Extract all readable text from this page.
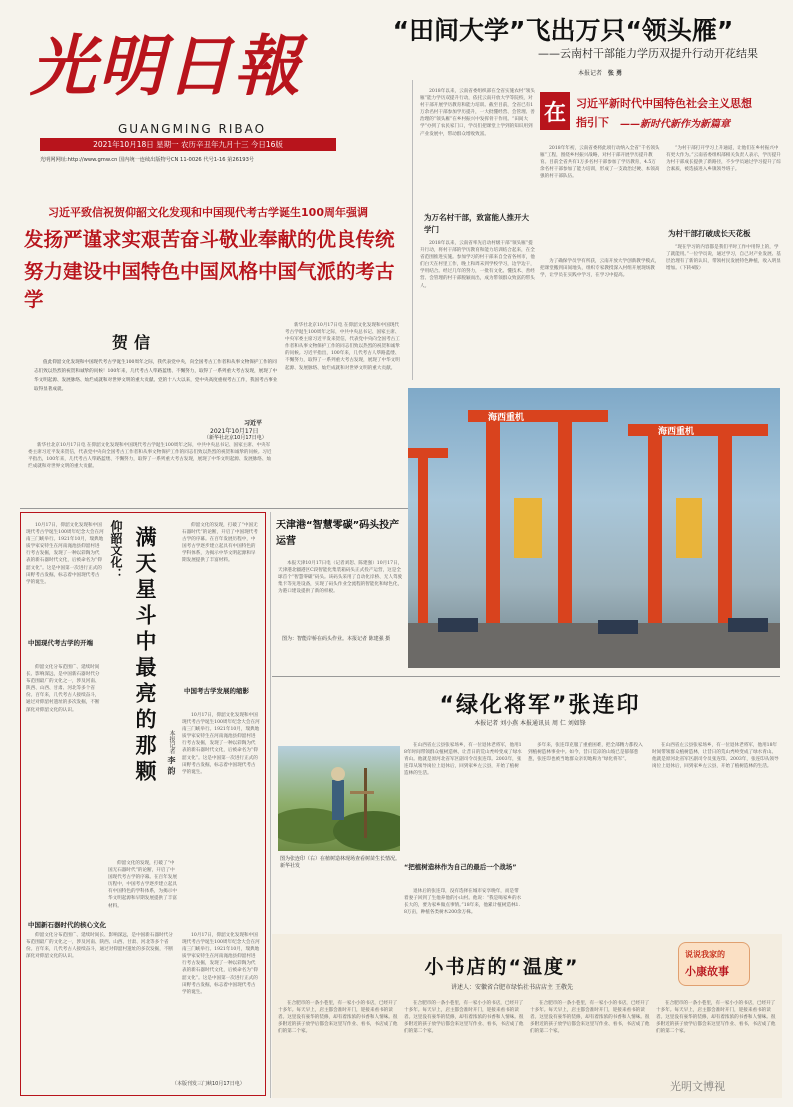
光明日報
GUANGMING RIBAO
2021年10月18日 星期一 农历辛丑年九月十三 今日16版
光明网网址:http://www.gmw.cn 国内统一连续出版物号CN 11-0026 代号1-16 第26193号
“田间大学”飞出万只“领头雁”
——云南村干部能力学历双提升行动开花结果
本报记者 张 勇
2018年以来，云南省委组织部在全省实施农村“领头雁”能力学历双提升行动，依托云南开放大学等院校，对村干部开展学历教育和能力培训。截至目前，全省已有1万余名村干部参加学历提升，一大批懂经营、会管理、善治理的“领头雁”在乡村振兴中发挥骨干作用。“田间大学”办到了农民家门口，学员们把课堂上学到的知识用到产业发展中，带动群众增收致富。
在 习近平新时代中国特色社会主义思想
指引下 ——新时代新作为新篇章
2018年年初，云南省委将此项行动纳入全省“千名领头雁”工程，围绕乡村振兴战略，对村干部开展学历提升教育。目前全省共有1万多名村干部参加了学历教育，4.5万余名村干部参加了能力培训，形成了一支政治过硬、本领高强的村干部队伍。
“为村干部打开学习上升通道，让他们在乡村振兴中有更大作为。”云南省委组织部相关负责人表示，学历提升为村干部成长提供了新路径，不少学员通过学习提升了综合素质，被选拔进入乡镇领导班子。
为村干部打破成长天花板
“现在学习的内容都是我们平时工作中用得上的，学了就能用。”一位学员说，通过学习，自己对产业发展、基层治理有了新的认识，带领村民发展特色种植，收入明显增加。（下转4版）
为万名村干部，致富能人推开大学门
2018年以来，云南省率先启动村级干部“领头雁”提升行动，将村干部的学历教育和能力培训结合起来，在全省范围推进实施。参加学习的村干部来自全省各州市，他们白天在村里工作，晚上和周末到学校学习，边学边干，学用结合。经过几年的努力，一批有文化、懂技术、善经营、会管理的村干部脱颖而出，成为带领群众致富的带头人。
为了确保学员学有所获，云南开放大学创新教学模式，把课堂搬到田间地头，组织专家教授深入村组开展现场教学，让学员在实践中学习，在学习中提高。
习近平致信祝贺仰韶文化发现和中国现代考古学诞生100周年强调
发扬严谨求实艰苦奋斗敬业奉献的优良传统
努力建设中国特色中国风格中国气派的考古学
贺信
值此仰韶文化发现和中国现代考古学诞生100周年之际，我代表党中央，向全国考古工作者和从事文物保护工作的同志们致以热烈的祝贺和诚挚的问候！100年来，几代考古人筚路蓝缕、不懈努力，取得了一系列重大考古发现，展现了中华文明起源、发展脉络、灿烂成就和对世界文明的重大贡献。党的十八大以来，党中央高度重视考古工作，我国考古事业取得显著成就。
习近平
2021年10月17日
（新华社北京10月17日电）
新华社北京10月17日电 在仰韶文化发现和中国现代考古学诞生100周年之际，中共中央总书记、国家主席、中央军委主席习近平发来贺信，代表党中央向全国考古工作者和从事文物保护工作的同志们致以热烈的祝贺和诚挚的问候。习近平指出，100年来，几代考古人筚路蓝缕、不懈努力，取得了一系列重大考古发现，展现了中华文明起源、发展脉络、灿烂成就和对世界文明的重大贡献。
新华社北京10月17日电 在仰韶文化发现和中国现代考古学诞生100周年之际，中共中央总书记、国家主席、中央军委主席习近平发来贺信，代表党中央向全国考古工作者和从事文物保护工作的同志们致以热烈的祝贺和诚挚的问候。习近平指出，100年来，几代考古人筚路蓝缕、不懈努力，取得了一系列重大考古发现，展现了中华文明起源、发展脉络、灿烂成就和对世界文明的重大贡献。
海西重机
海西重机
仰韶文化： 满天星斗中最亮的那颗	本报记者 李 韵
10月17日，仰韶文化发现和中国现代考古学诞生100周年纪念大会在河南三门峡举行。1921年10月，瑞典地质学家安特生在河南渑池县仰韶村进行考古发掘，发现了一种以彩陶为代表的新石器时代文化，后被命名为“仰韶文化”。这是中国第一次进行正式的田野考古发掘，标志着中国现代考古学的诞生。
中国现代考古学的开端
仰韶文化分布范围广、延续时间长、影响深远，是中国新石器时代分布范围最广的文化之一，涉及河南、陕西、山西、甘肃、河北等多个省份。百年来，几代考古人接续奋斗，通过对仰韶村遗址的多次发掘，不断深化对仰韶文化的认识。
仰韶文化的发现，打破了“中国无石器时代”的论断，开启了中国现代考古学的序幕。在百年发展历程中，中国考古学逐步建立起具有中国特色的学科体系，为揭示中华文明起源和早期发展提供了丰富材料。
中国考古学发展的缩影
10月17日，仰韶文化发现和中国现代考古学诞生100周年纪念大会在河南三门峡举行。1921年10月，瑞典地质学家安特生在河南渑池县仰韶村进行考古发掘，发现了一种以彩陶为代表的新石器时代文化，后被命名为“仰韶文化”。这是中国第一次进行正式的田野考古发掘，标志着中国现代考古学的诞生。
仰韶文化的发现，打破了“中国无石器时代”的论断，开启了中国现代考古学的序幕。在百年发展历程中，中国考古学逐步建立起具有中国特色的学科体系，为揭示中华文明起源和早期发展提供了丰富材料。
中国新石器时代的核心文化
仰韶文化分布范围广、延续时间长、影响深远，是中国新石器时代分布范围最广的文化之一，涉及河南、陕西、山西、甘肃、河北等多个省份。百年来，几代考古人接续奋斗，通过对仰韶村遗址的多次发掘，不断深化对仰韶文化的认识。
10月17日，仰韶文化发现和中国现代考古学诞生100周年纪念大会在河南三门峡举行。1921年10月，瑞典地质学家安特生在河南渑池县仰韶村进行考古发掘，发现了一种以彩陶为代表的新石器时代文化，后被命名为“仰韶文化”。这是中国第一次进行正式的田野考古发掘，标志着中国现代考古学的诞生。
（本版刊发三门峡10月17日电）
天津港“智慧零碳”码头投产运营
本报天津10月17日电（记者刘恕、陈建强）10月17日，天津港北疆港区C段智能化集装箱码头正式投产运营，这是全球首个“智慧零碳”码头。该码头采用了自动化岸桥、无人驾驶集卡等先进设备，实现了码头作业全流程的智能化和绿色化，为港口建设提供了新的样板。
图为：智能岸桥在码头作业。本报记者 陈建强 摄
“绿化将军”张连印
本报记者 刘小燕 本报通讯员 周 仁 刘如锋
图为张连印（右）在植树造林现场查看树苗生长情况。新华社发
在山西省左云县张家场乡，有一位退休老将军，他用18年时间带领群众植树造林，让昔日的荒山秃岭变成了绿水青山。他就是原河北省军区副司令员张连印。2003年，张连印从领导岗位上退休后，回到家乡左云县，开始了植树造林的生活。
“把植树造林作为自己的最后一个战场”
退休后的张连印，没有选择在城市安享晚年，而是带着妻子回到了生他养他的小山村。他说：“我是喝家乡的水长大的，要为家乡做点事情。”18年来，他累计植树造林1.8万亩，种植各类树木200余万株。
多年来，张连印克服了重重困难，把全部精力都投入到植树造林事业中。如今，昔日荒凉的山坡已是郁郁葱葱，张连印也被当地群众亲切地称为“绿化将军”。
在山西省左云县张家场乡，有一位退休老将军，他用18年时间带领群众植树造林，让昔日的荒山秃岭变成了绿水青山。他就是原河北省军区副司令员张连印。2003年，张连印从领导岗位上退休后，回到家乡左云县，开始了植树造林的生活。
小书店的“温度”
讲述人：安徽省合肥市绿怡社书店店主 王敬先
在合肥市的一条小巷里，有一家小小的书店，已经开了十多年。每天早上，店主都会准时开门，迎接来看书的读者。这里没有豪华的装修，却有着浓浓的书香和人情味。很多附近的孩子放学后都会来这里写作业、看书，书店成了他们的第二个家。
在合肥市的一条小巷里，有一家小小的书店，已经开了十多年。每天早上，店主都会准时开门，迎接来看书的读者。这里没有豪华的装修，却有着浓浓的书香和人情味。很多附近的孩子放学后都会来这里写作业、看书，书店成了他们的第二个家。
在合肥市的一条小巷里，有一家小小的书店，已经开了十多年。每天早上，店主都会准时开门，迎接来看书的读者。这里没有豪华的装修，却有着浓浓的书香和人情味。很多附近的孩子放学后都会来这里写作业、看书，书店成了他们的第二个家。
在合肥市的一条小巷里，有一家小小的书店，已经开了十多年。每天早上，店主都会准时开门，迎接来看书的读者。这里没有豪华的装修，却有着浓浓的书香和人情味。很多附近的孩子放学后都会来这里写作业、看书，书店成了他们的第二个家。
说说我家的
小康故事
光明文博视
